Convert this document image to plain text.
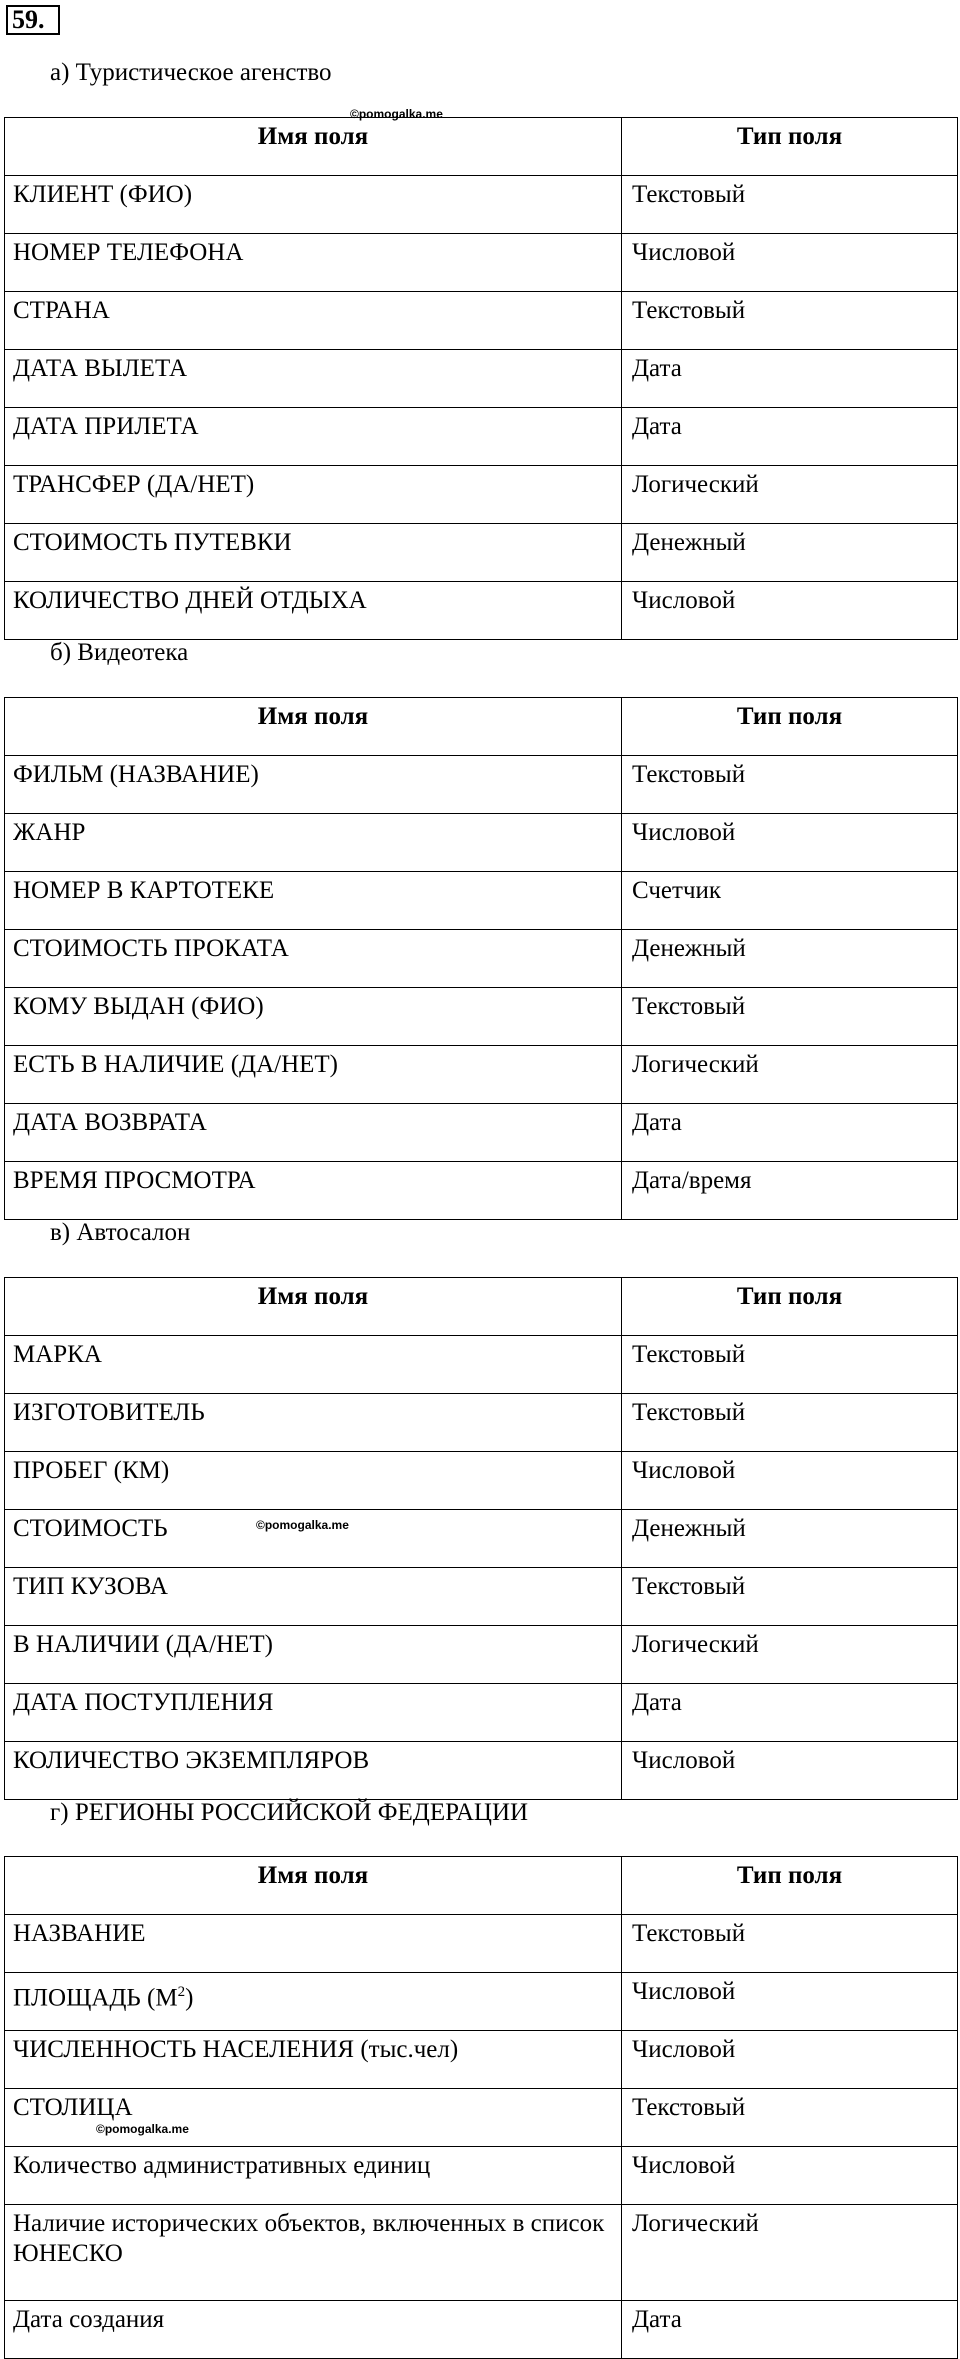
59.
а) Туристическое агенство
Имя поля	Тип поля
КЛИЕНТ (ФИО)	Текстовый
НОМЕР ТЕЛЕФОНА	Числовой
СТРАНА	Текстовый
ДАТА ВЫЛЕТА	Дата
ДАТА ПРИЛЕТА	Дата
ТРАНСФЕР (ДА/НЕТ)	Логический
СТОИМОСТЬ ПУТЕВКИ	Денежный
КОЛИЧЕСТВО ДНЕЙ ОТДЫХА	Числовой
©pomogalka.me
б) Видеотека
Имя поля	Тип поля
ФИЛЬМ (НАЗВАНИЕ)	Текстовый
ЖАНР	Числовой
НОМЕР В КАРТОТЕКЕ	Счетчик
СТОИМОСТЬ ПРОКАТА	Денежный
КОМУ ВЫДАН (ФИО)	Текстовый
ЕСТЬ В НАЛИЧИЕ (ДА/НЕТ)	Логический
ДАТА ВОЗВРАТА	Дата
ВРЕМЯ ПРОСМОТРА	Дата/время
в) Автосалон
Имя поля	Тип поля
МАРКА	Текстовый
ИЗГОТОВИТЕЛЬ	Текстовый
ПРОБЕГ (КМ)	Числовой
СТОИМОСТЬ	Денежный
ТИП КУЗОВА	Текстовый
В НАЛИЧИИ (ДА/НЕТ)	Логический
ДАТА ПОСТУПЛЕНИЯ	Дата
КОЛИЧЕСТВО ЭКЗЕМПЛЯРОВ	Числовой
©pomogalka.me
г) РЕГИОНЫ РОССИЙСКОЙ ФЕДЕРАЦИИ
Имя поля	Тип поля
НАЗВАНИЕ	Текстовый
ПЛОЩАДЬ $(М^2)$	Числовой
ЧИСЛЕННОСТЬ НАСЕЛЕНИЯ (тыс.чел)	Числовой
СТОЛИЦА	Текстовый
Количество административных единиц	Числовой
Наличие исторических объектов, включенных в список ЮНЕСКО	Логический
Дата создания	Дата
©pomogalka.me
